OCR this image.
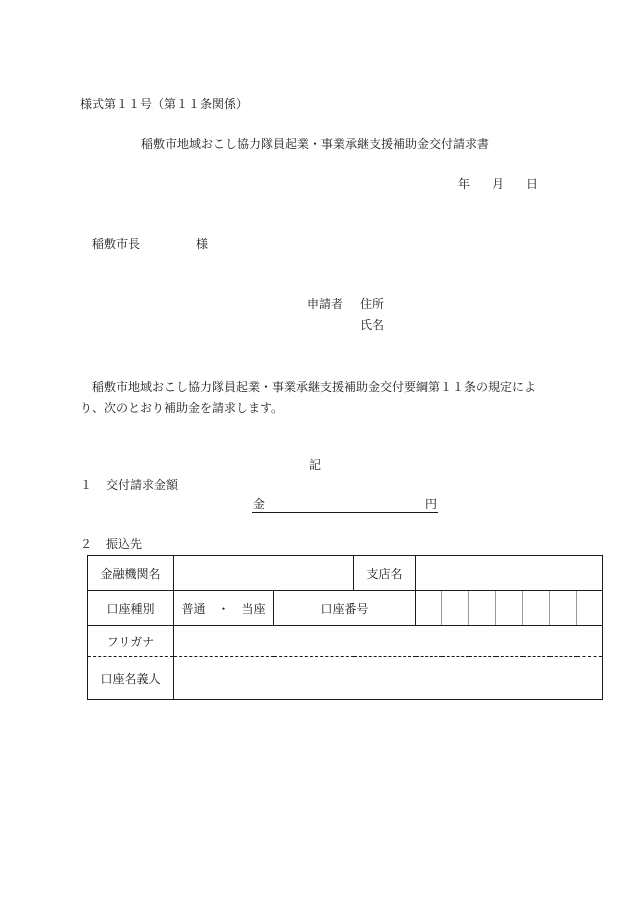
様式第１１号（第１１条関係）
稲敷市地域おこし協力隊員起業・事業承継支援補助金交付請求書
年 月 日
稲敷市長	様
申請者 住所
氏名
稲敷市地域おこし協力隊員起業・事業承継支援補助金交付要綱第１１条の規定により、次のとおり補助金を請求します。
記
１ 交付請求金額
金	円
２ 振込先
金融機関名			支店名							
口座種別	普通 ・ 当座	口座番号								
フリガナ										
口座名義人										
